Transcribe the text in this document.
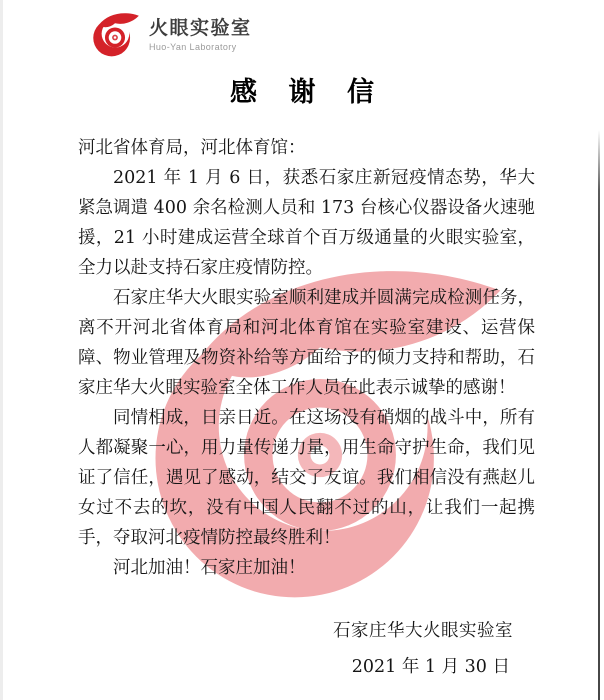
火眼实验室
Huo-Yan Laboratory
感 谢 信

河北省体育局，河北体育馆：

2021 年 1 月 6 日，获悉石家庄新冠疫情态势，华大紧急调遣 400 余名检测人员和 173 台核心仪器设备火速驰援，21 小时建成运营全球首个百万级通量的火眼实验室，全力以赴支持石家庄疫情防控。

石家庄华大火眼实验室顺利建成并圆满完成检测任务，离不开河北省体育局和河北体育馆在实验室建设、运营保障、物业管理及物资补给等方面给予的倾力支持和帮助，石家庄华大火眼实验室全体工作人员在此表示诚挚的感谢！

同情相成，日亲日近。在这场没有硝烟的战斗中，所有人都凝聚一心，用力量传递力量，用生命守护生命，我们见证了信任，遇见了感动，结交了友谊。我们相信没有燕赵儿女过不去的坎，没有中国人民翻不过的山，让我们一起携手，夺取河北疫情防控最终胜利！

河北加油！石家庄加油！

石家庄华大火眼实验室
2021 年 1 月 30 日
